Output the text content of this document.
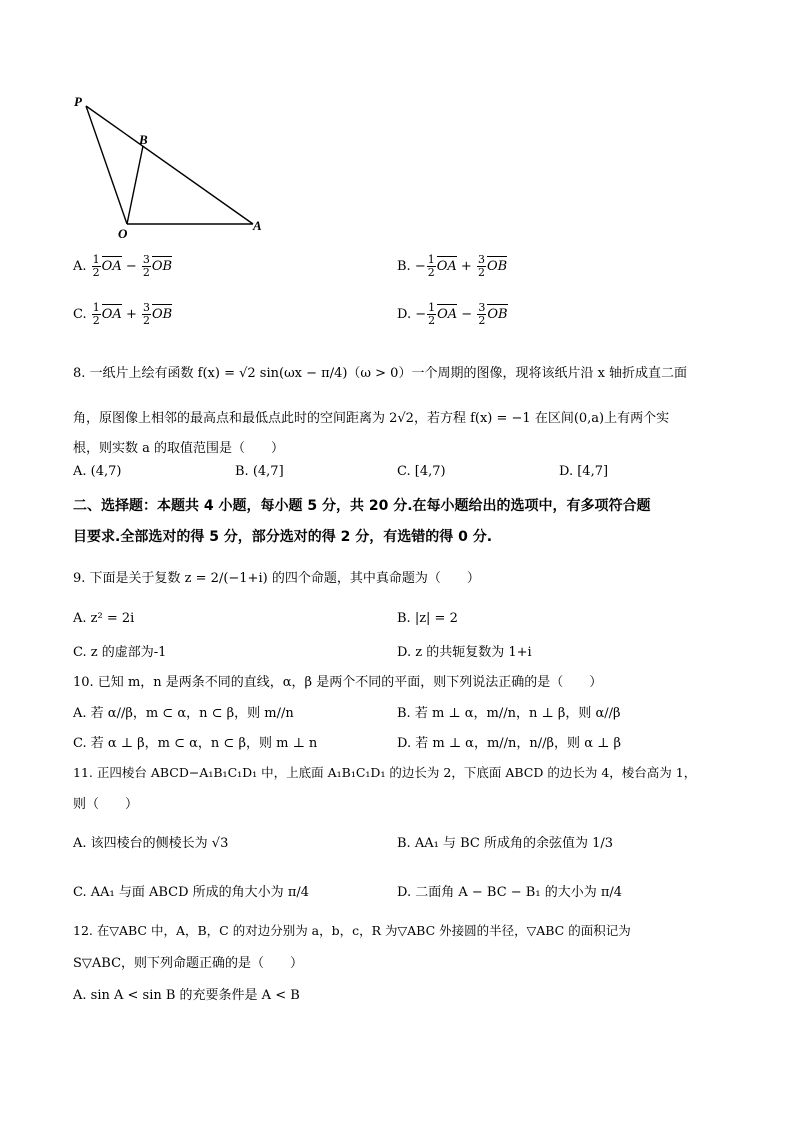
P
B
O
A
A. $\frac{1}{2}$ OA − $\frac{3}{2}$ OB	B. − $\frac{1}{2}$ OA + $\frac{3}{2}$ OB
C. $\frac{1}{2}$ OA + $\frac{3}{2}$ OB	D. − $\frac{1}{2}$ OA − $\frac{3}{2}$ OB
8. 一纸片上绘有函数 f(x) = √2 sin(ωx − π/4)（ω > 0）一个周期的图像，现将该纸片沿 x 轴折成直二面
角，原图像上相邻的最高点和最低点此时的空间距离为 2√2，若方程 f(x) = −1 在区间(0,a)上有两个实
根，则实数 a 的取值范围是（　　）
A. (4,7)	B. (4,7]	C. [4,7)	D. [4,7]
二、选择题：本题共 4 小题，每小题 5 分，共 20 分.在每小题给出的选项中，有多项符合题
目要求.全部选对的得 5 分，部分选对的得 2 分，有选错的得 0 分.
9. 下面是关于复数 z = 2/(−1+i) 的四个命题，其中真命题为（　　）
A. z² = 2i	B. |z| = 2
C. z 的虚部为-1	D. z 的共轭复数为 1+i
10. 已知 m，n 是两条不同的直线，α，β 是两个不同的平面，则下列说法正确的是（　　）
A. 若 α//β，m ⊂ α，n ⊂ β，则 m//n	B. 若 m ⊥ α，m//n，n ⊥ β，则 α//β
C. 若 α ⊥ β，m ⊂ α，n ⊂ β，则 m ⊥ n	D. 若 m ⊥ α，m//n，n//β，则 α ⊥ β
11. 正四棱台 ABCD−A₁B₁C₁D₁ 中，上底面 A₁B₁C₁D₁ 的边长为 2，下底面 ABCD 的边长为 4，棱台高为 1，
则（　　）
A. 该四棱台的侧棱长为 √3	B. AA₁ 与 BC 所成角的余弦值为 1/3
C. AA₁ 与面 ABCD 所成的角大小为 π/4	D. 二面角 A − BC − B₁ 的大小为 π/4
12. 在▽ABC 中，A，B，C 的对边分别为 a，b，c，R 为▽ABC 外接圆的半径，▽ABC 的面积记为
S▽ABC，则下列命题正确的是（　　）
A. sin A < sin B 的充要条件是 A < B
